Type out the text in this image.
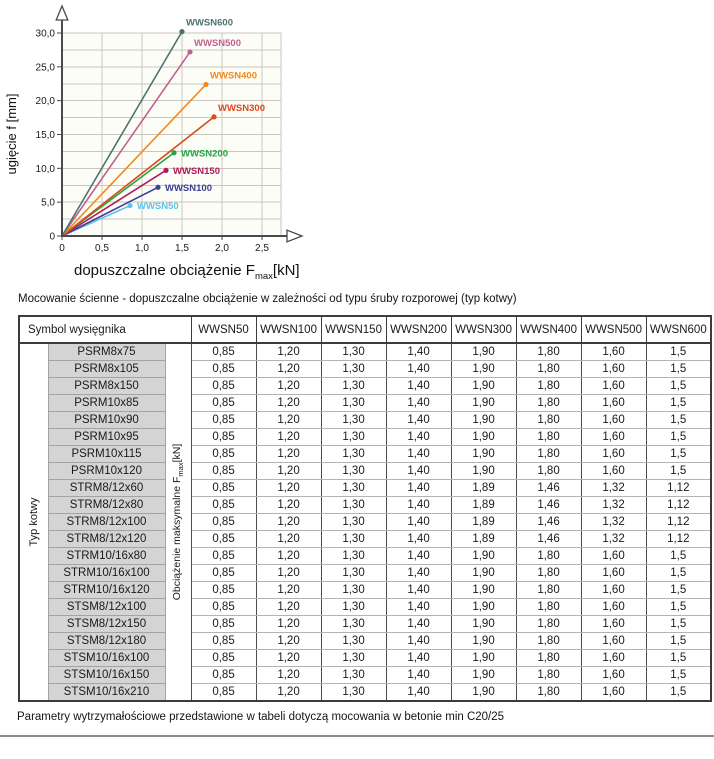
WWSN50
WWSN100
WWSN150
WWSN200
WWSN300
WWSN400
WWSN500
WWSN600
0
5,0
10,0
15,0
20,0
25,0
30,0
0	0,5	1,0	1,5	2,0	2,5
ugięcie f [mm]
dopuszczalne obciążenie $F_{max}[kN]$
Mocowanie ścienne - dopuszczalne obciążenie w zależności od typu śruby rozporowej (typ kotwy)
Symbol wysięgnika			WWSN50	WWSN100	WWSN150	WWSN200	WWSN300	WWSN400	WWSN500	WWSN600

Typ kotwy	PSRM8x75	Obciążenie maksymalne $F_{max}[kN]$	0,85	1,20	1,30	1,40	1,90	1,80	1,60	1,5
	PSRM8x105		0,85	1,20	1,30	1,40	1,90	1,80	1,60	1,5
	PSRM8x150		0,85	1,20	1,30	1,40	1,90	1,80	1,60	1,5
	PSRM10x85		0,85	1,20	1,30	1,40	1,90	1,80	1,60	1,5
	PSRM10x90		0,85	1,20	1,30	1,40	1,90	1,80	1,60	1,5
	PSRM10x95		0,85	1,20	1,30	1,40	1,90	1,80	1,60	1,5
	PSRM10x115		0,85	1,20	1,30	1,40	1,90	1,80	1,60	1,5
	PSRM10x120		0,85	1,20	1,30	1,40	1,90	1,80	1,60	1,5
	STRM8/12x60		0,85	1,20	1,30	1,40	1,89	1,46	1,32	1,12
	STRM8/12x80		0,85	1,20	1,30	1,40	1,89	1,46	1,32	1,12
	STRM8/12x100		0,85	1,20	1,30	1,40	1,89	1,46	1,32	1,12
	STRM8/12x120		0,85	1,20	1,30	1,40	1,89	1,46	1,32	1,12
	STRM10/16x80		0,85	1,20	1,30	1,40	1,90	1,80	1,60	1,5
	STRM10/16x100		0,85	1,20	1,30	1,40	1,90	1,80	1,60	1,5
	STRM10/16x120		0,85	1,20	1,30	1,40	1,90	1,80	1,60	1,5
	STSM8/12x100		0,85	1,20	1,30	1,40	1,90	1,80	1,60	1,5
	STSM8/12x150		0,85	1,20	1,30	1,40	1,90	1,80	1,60	1,5
	STSM8/12x180		0,85	1,20	1,30	1,40	1,90	1,80	1,60	1,5
	STSM10/16x100		0,85	1,20	1,30	1,40	1,90	1,80	1,60	1,5
	STSM10/16x150		0,85	1,20	1,30	1,40	1,90	1,80	1,60	1,5
	STSM10/16x210		0,85	1,20	1,30	1,40	1,90	1,80	1,60	1,5
Parametry wytrzymałościowe przedstawione w tabeli dotyczą mocowania w betonie min C20/25
